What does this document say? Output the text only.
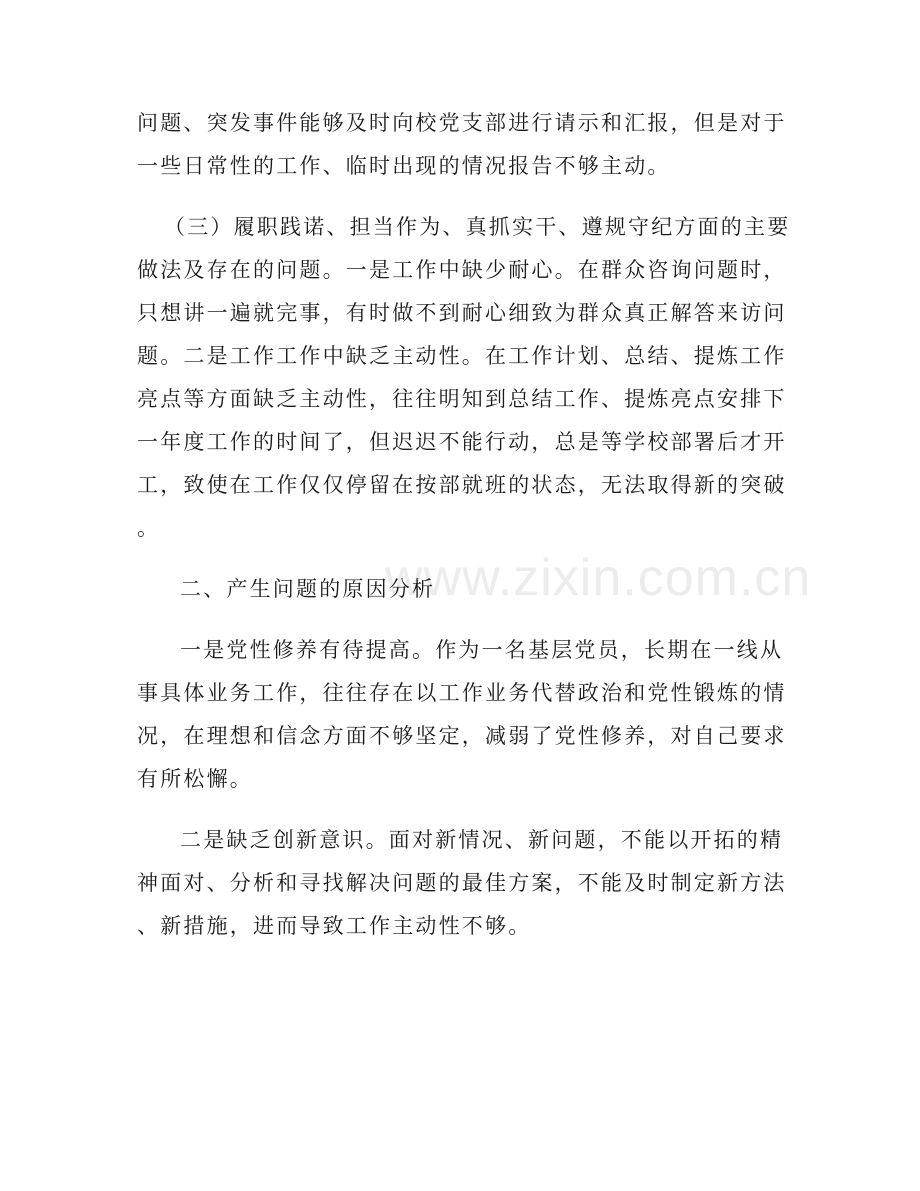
www.zixin.com.cn
问题、突发事件能够及时向校党支部进行请示和汇报，但是对于
一些日常性的工作、临时出现的情况报告不够主动。
（三）履职践诺、担当作为、真抓实干、遵规守纪方面的主要
做法及存在的问题。一是工作中缺少耐心。在群众咨询问题时，
只想讲一遍就完事，有时做不到耐心细致为群众真正解答来访问
题。二是工作工作中缺乏主动性。在工作计划、总结、提炼工作
亮点等方面缺乏主动性，往往明知到总结工作、提炼亮点安排下
一年度工作的时间了，但迟迟不能行动，总是等学校部署后才开
工，致使在工作仅仅停留在按部就班的状态，无法取得新的突破
。
二、产生问题的原因分析
一是党性修养有待提高。作为一名基层党员，长期在一线从
事具体业务工作，往往存在以工作业务代替政治和党性锻炼的情
况，在理想和信念方面不够坚定，减弱了党性修养，对自己要求
有所松懈。
二是缺乏创新意识。面对新情况、新问题，不能以开拓的精
神面对、分析和寻找解决问题的最佳方案，不能及时制定新方法
、新措施，进而导致工作主动性不够。
